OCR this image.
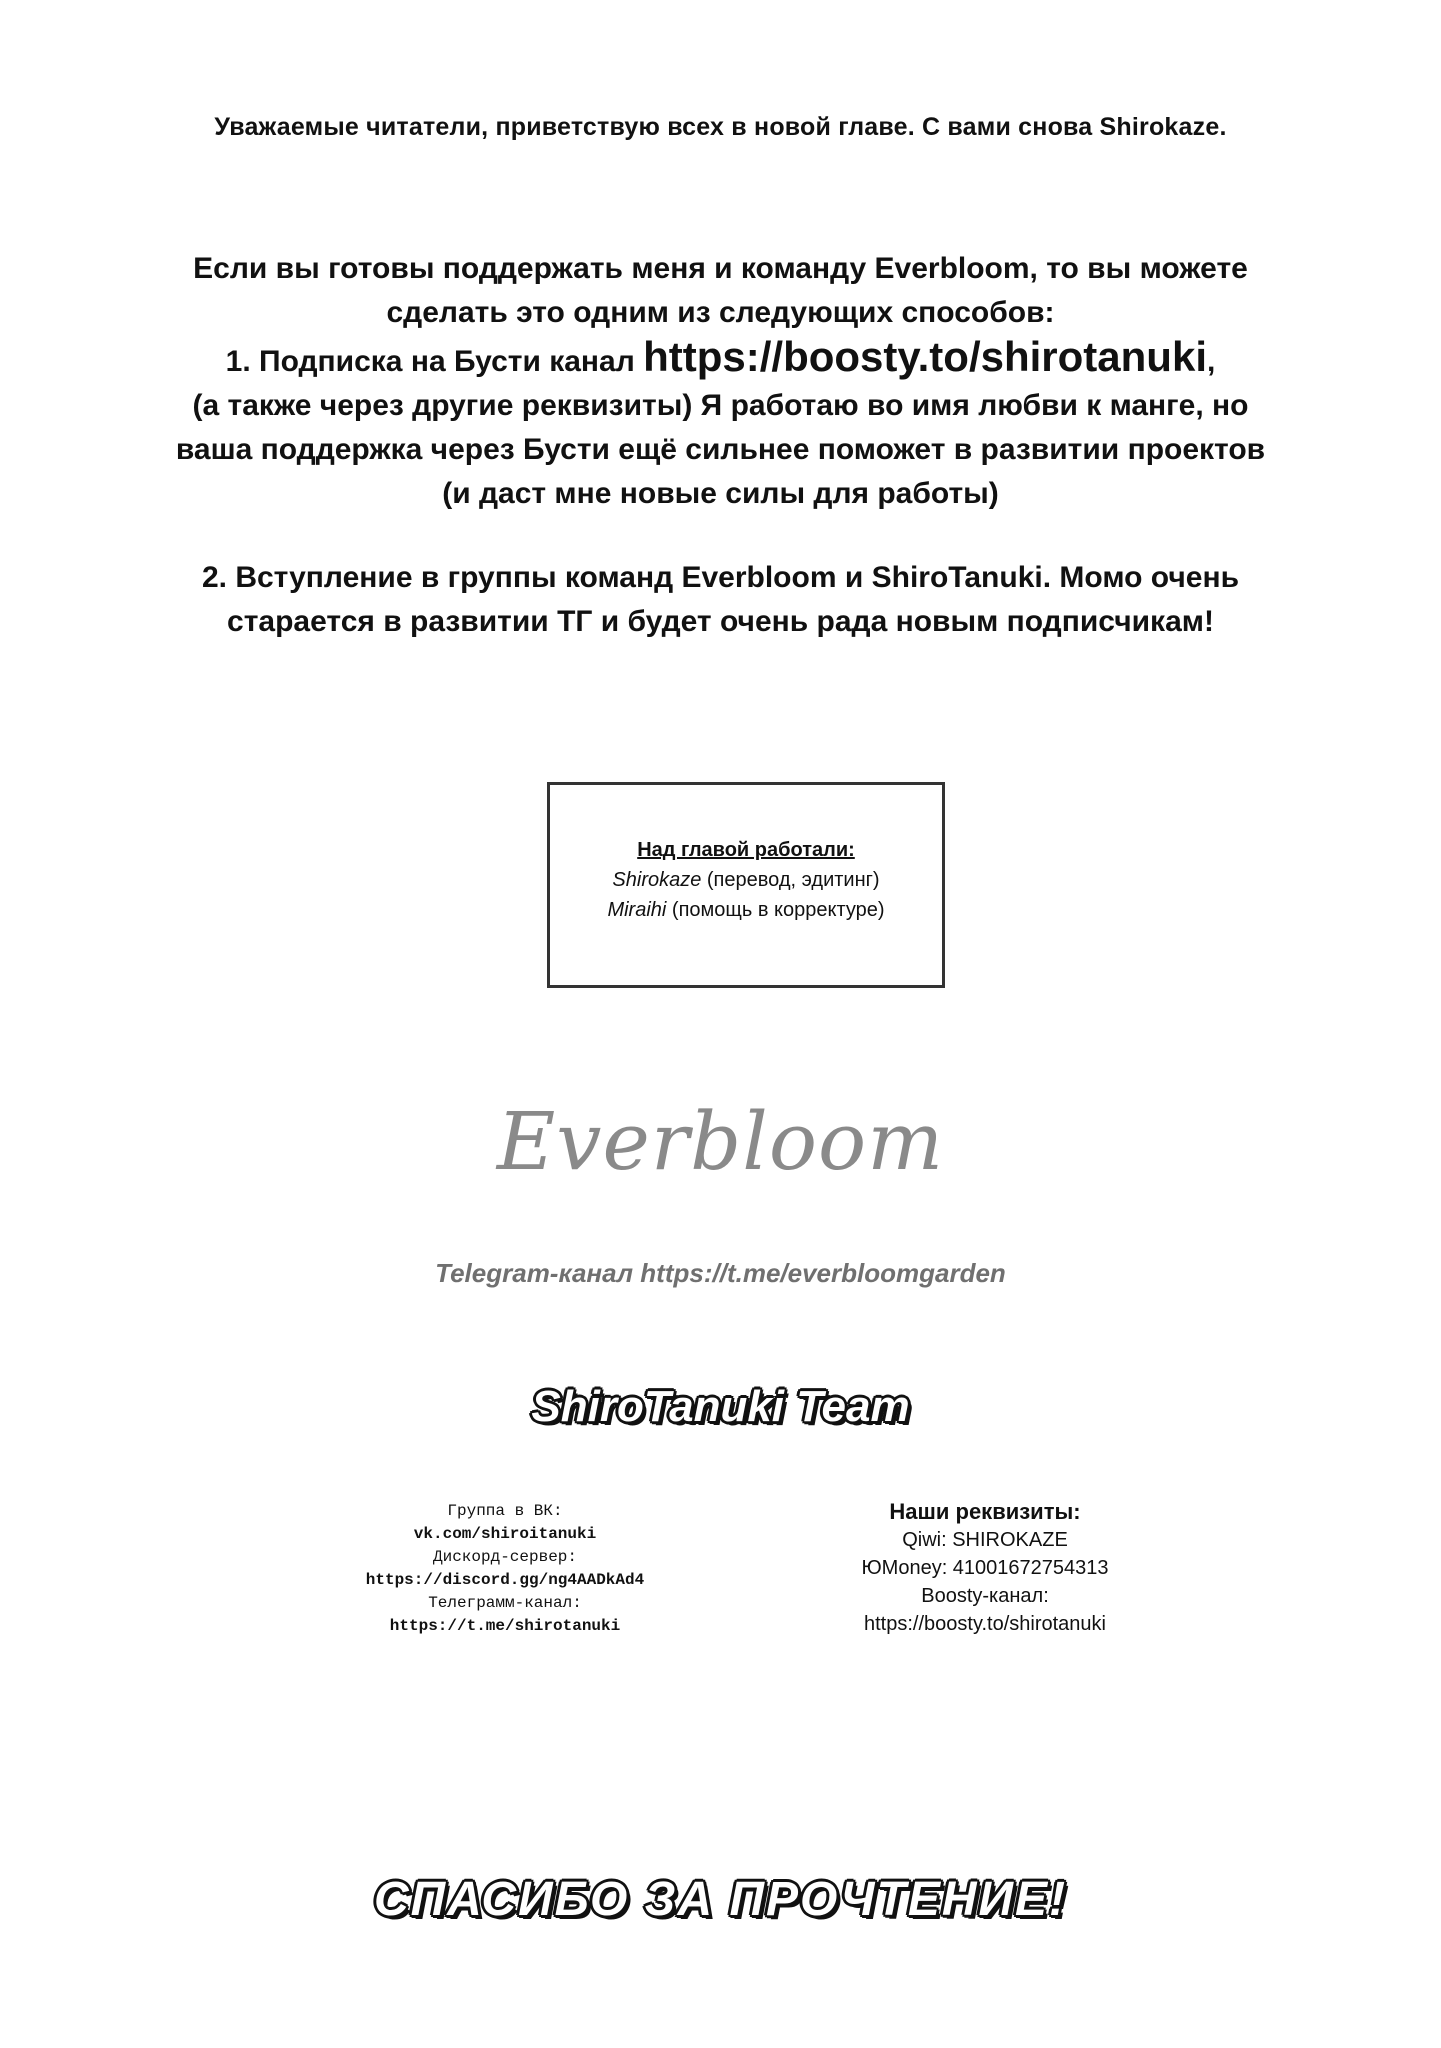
Уважаемые читатели, приветствую всех в новой главе. С вами снова Shirokaze.

Если вы готовы поддержать меня и команду Everbloom, то вы можете

сделать это одним из следующих способов:

1. Подписка на Бусти канал https://boosty.to/shirotanuki,

(а также через другие реквизиты) Я работаю во имя любви к манге, но

ваша поддержка через Бусти ещё сильнее поможет в развитии проектов

(и даст мне новые силы для работы)

2. Вступление в группы команд Everbloom и ShiroTanuki. Момо очень

старается в развитии ТГ и будет очень рада новым подписчикам!

Над главой работали:
Shirokaze (перевод, эдитинг)
Miraihi (помощь в корректуре)
Everbloom
Telegram-канал https://t.me/everbloomgarden
ShiroTanuki Team
Группа в ВК:
vk.com/shiroitanuki
Дискорд-сервер:
https://discord.gg/ng4AADkAd4
Телеграмм-канал:
https://t.me/shirotanuki
Наши реквизиты:
Qiwi: SHIROKAZE
ЮMoney: 41001672754313
Boosty-канал:
https://boosty.to/shirotanuki
СПАСИБО ЗА ПРОЧТЕНИЕ!
